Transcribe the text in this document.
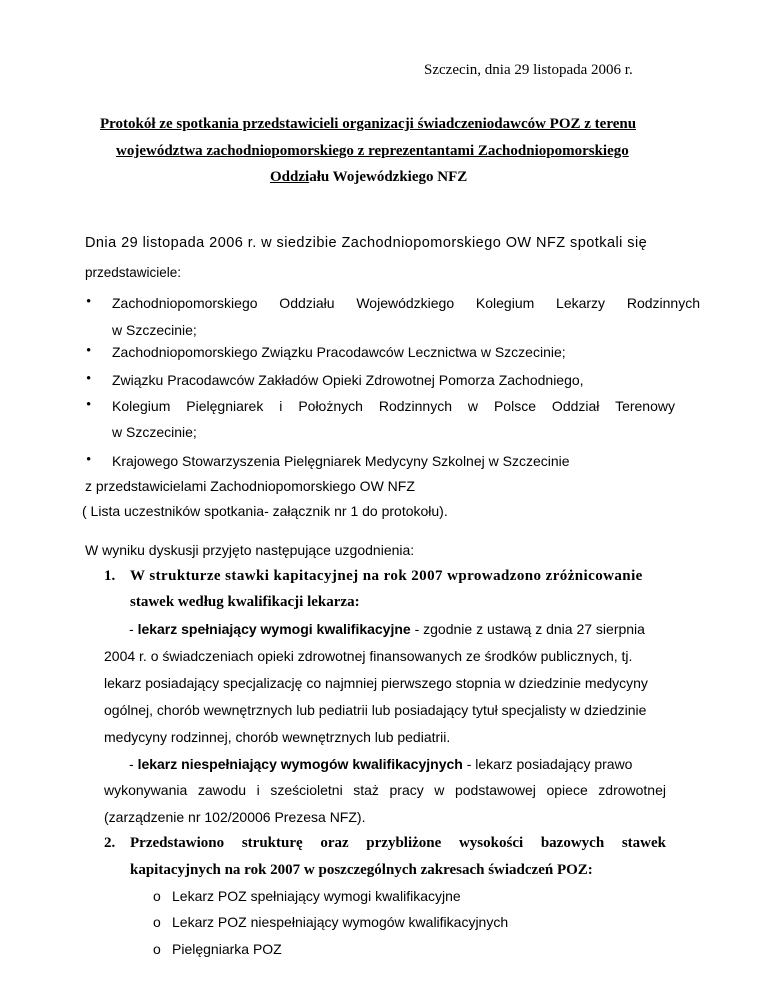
Szczecin, dnia 29 listopada 2006 r.
Protokół ze spotkania przedstawicieli organizacji świadczeniodawców POZ z terenu
województwa zachodniopomorskiego z reprezentantami Zachodniopomorskiego
Oddziału Wojewódzkiego NFZ
Dnia 29 listopada 2006 r. w siedzibie Zachodniopomorskiego OW NFZ spotkali się
przedstawiciele:
• Zachodniopomorskiego Oddziału Wojewódzkiego Kolegium Lekarzy Rodzinnych
w Szczecinie;
• Zachodniopomorskiego Związku Pracodawców Lecznictwa w Szczecinie;
• Związku Pracodawców Zakładów Opieki Zdrowotnej Pomorza Zachodniego,
• Kolegium Pielęgniarek i Położnych Rodzinnych w Polsce Oddział Terenowy
w Szczecinie;
• Krajowego Stowarzyszenia Pielęgniarek Medycyny Szkolnej w Szczecinie
z przedstawicielami Zachodniopomorskiego OW NFZ
( Lista uczestników spotkania- załącznik nr 1 do protokołu).
W wyniku dyskusji przyjęto następujące uzgodnienia:
1. W strukturze stawki kapitacyjnej na rok 2007 wprowadzono zróżnicowanie
stawek według kwalifikacji lekarza:
- lekarz spełniający wymogi kwalifikacyjne - zgodnie z ustawą z dnia 27 sierpnia
2004 r. o świadczeniach opieki zdrowotnej finansowanych ze środków publicznych, tj.
lekarz posiadający specjalizację co najmniej pierwszego stopnia w dziedzinie medycyny
ogólnej, chorób wewnętrznych lub pediatrii lub posiadający tytuł specjalisty w dziedzinie
medycyny rodzinnej, chorób wewnętrznych lub pediatrii.
- lekarz niespełniający wymogów kwalifikacyjnych - lekarz posiadający prawo
wykonywania zawodu i sześcioletni staż pracy w podstawowej opiece zdrowotnej
(zarządzenie nr 102/20006 Prezesa NFZ).
2. Przedstawiono strukturę oraz przybliżone wysokości bazowych stawek
kapitacyjnych na rok 2007 w poszczególnych zakresach świadczeń POZ:
o Lekarz POZ spełniający wymogi kwalifikacyjne
o Lekarz POZ niespełniający wymogów kwalifikacyjnych
o Pielęgniarka POZ
